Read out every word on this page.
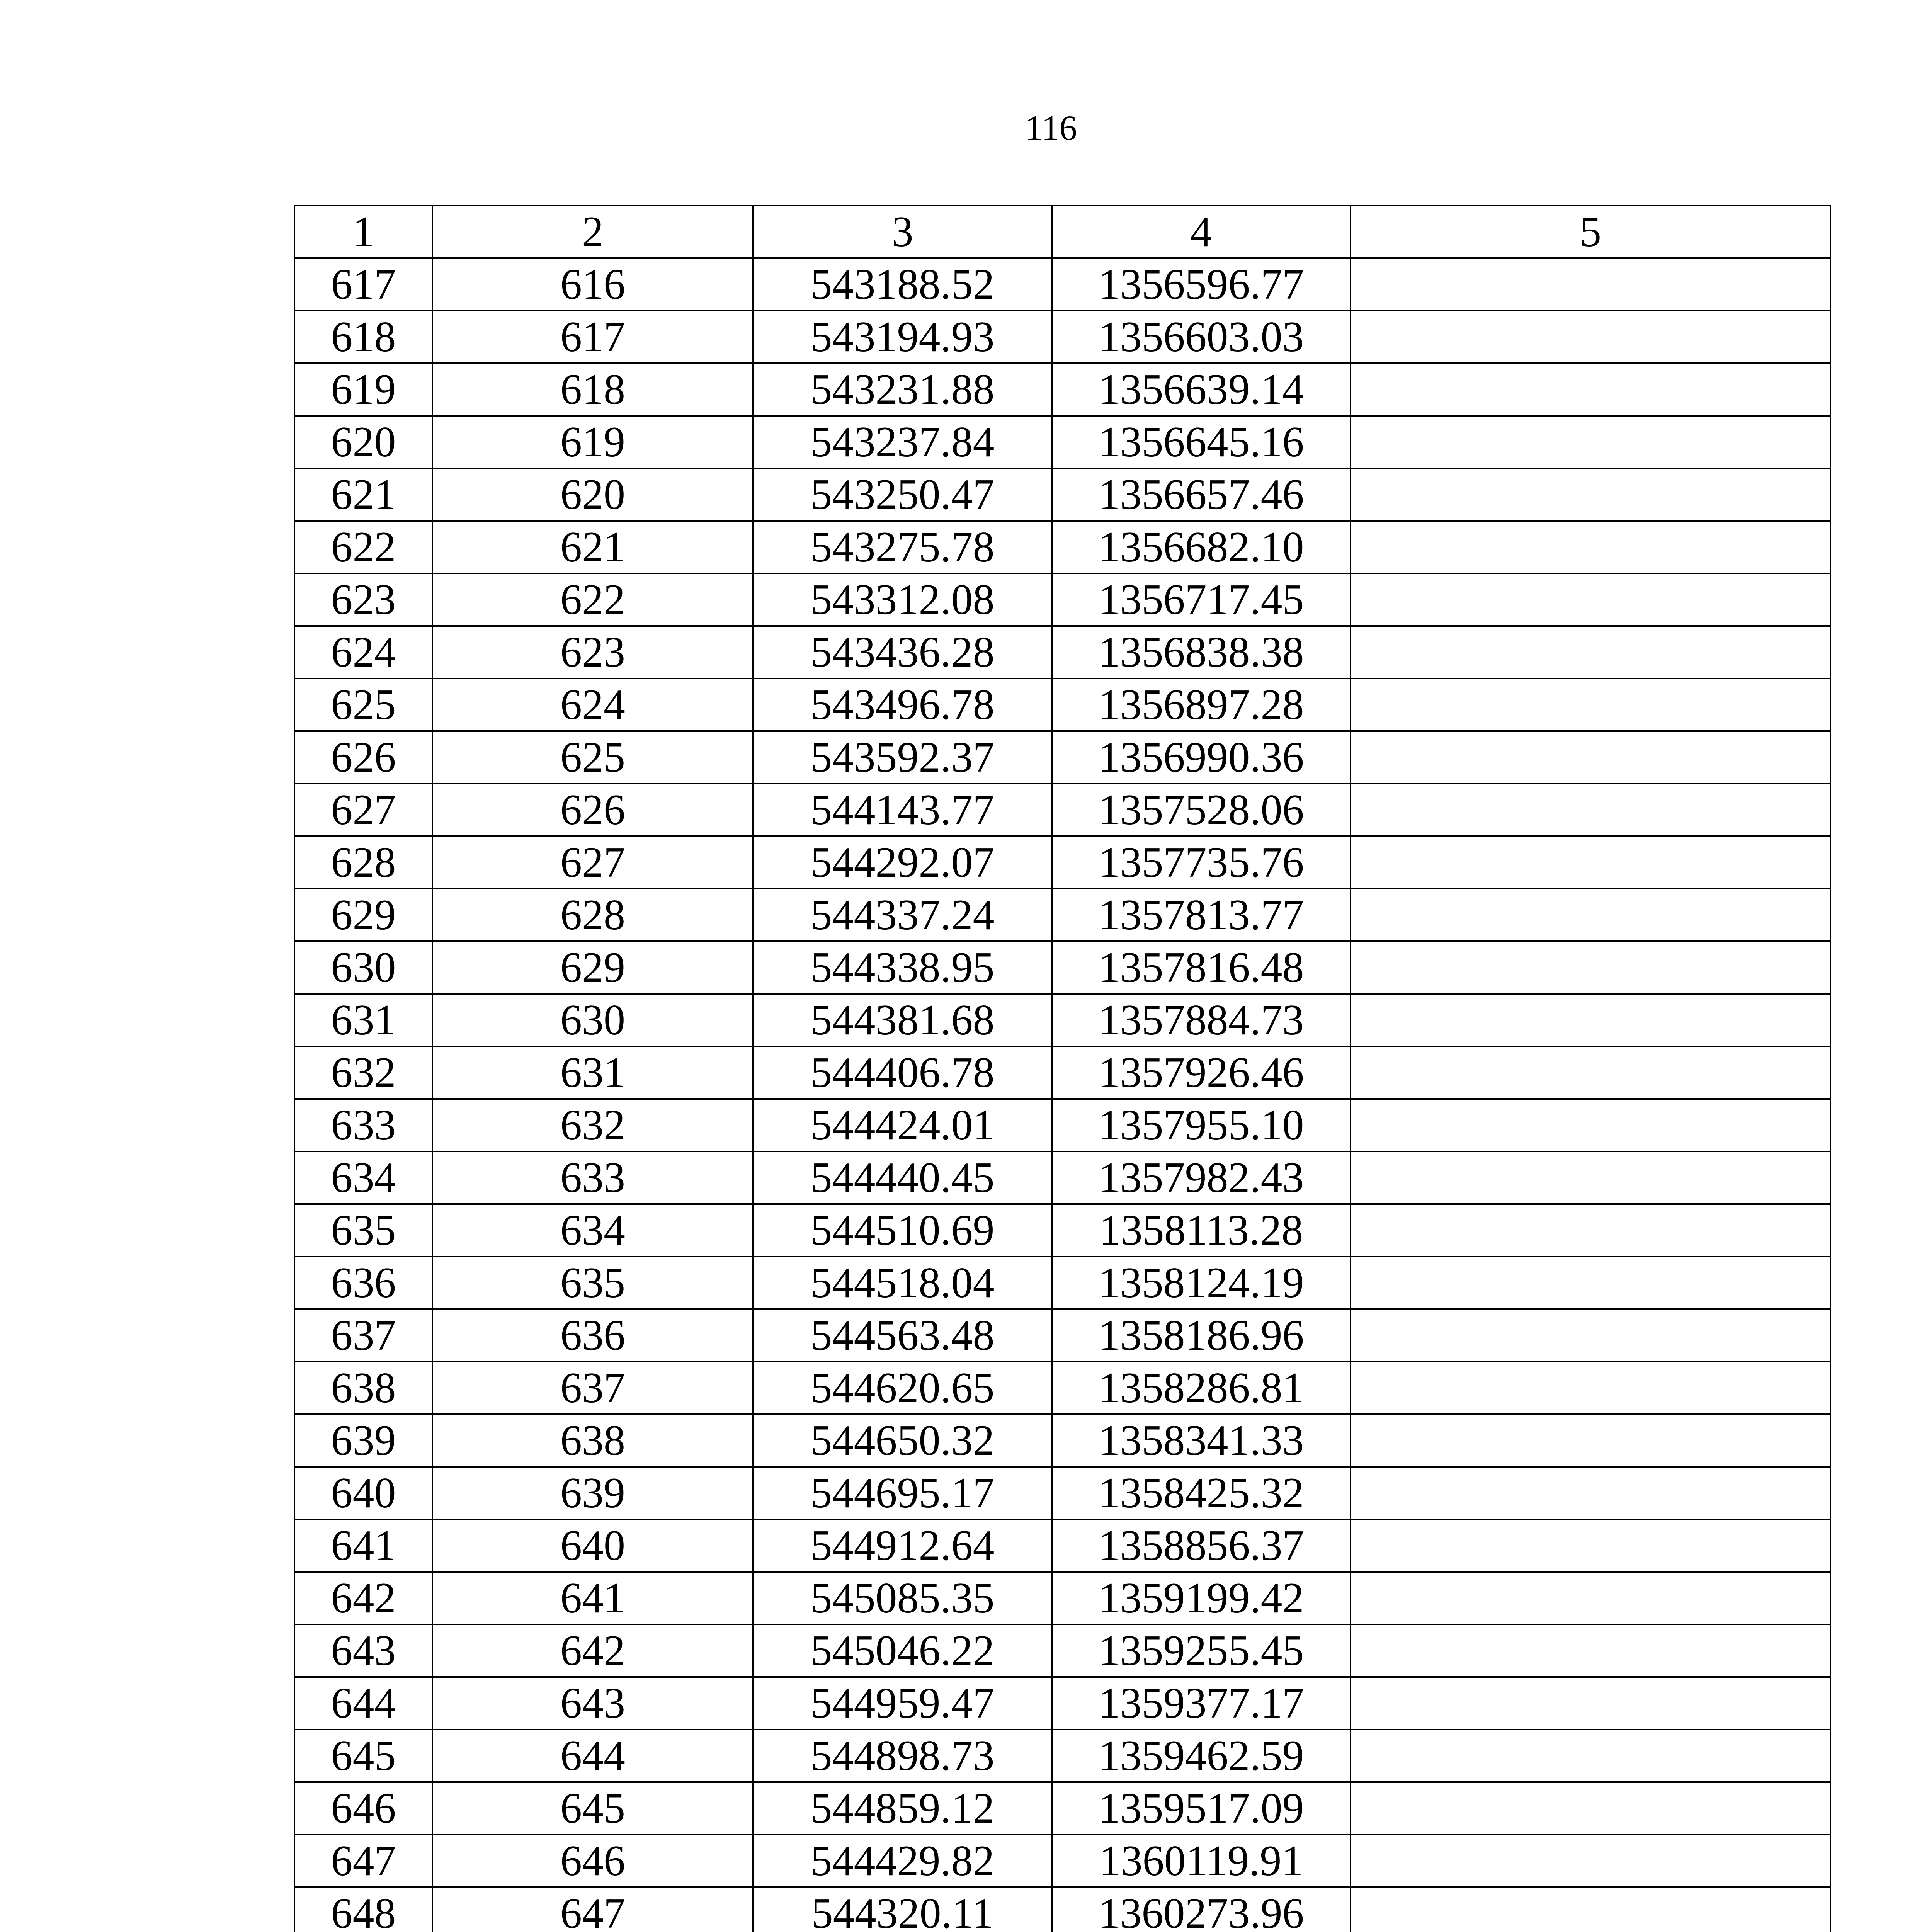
116
1	2	3	4	5
617	616	543188.52	1356596.77	
618	617	543194.93	1356603.03	
619	618	543231.88	1356639.14	
620	619	543237.84	1356645.16	
621	620	543250.47	1356657.46	
622	621	543275.78	1356682.10	
623	622	543312.08	1356717.45	
624	623	543436.28	1356838.38	
625	624	543496.78	1356897.28	
626	625	543592.37	1356990.36	
627	626	544143.77	1357528.06	
628	627	544292.07	1357735.76	
629	628	544337.24	1357813.77	
630	629	544338.95	1357816.48	
631	630	544381.68	1357884.73	
632	631	544406.78	1357926.46	
633	632	544424.01	1357955.10	
634	633	544440.45	1357982.43	
635	634	544510.69	1358113.28	
636	635	544518.04	1358124.19	
637	636	544563.48	1358186.96	
638	637	544620.65	1358286.81	
639	638	544650.32	1358341.33	
640	639	544695.17	1358425.32	
641	640	544912.64	1358856.37	
642	641	545085.35	1359199.42	
643	642	545046.22	1359255.45	
644	643	544959.47	1359377.17	
645	644	544898.73	1359462.59	
646	645	544859.12	1359517.09	
647	646	544429.82	1360119.91	
648	647	544320.11	1360273.96	
